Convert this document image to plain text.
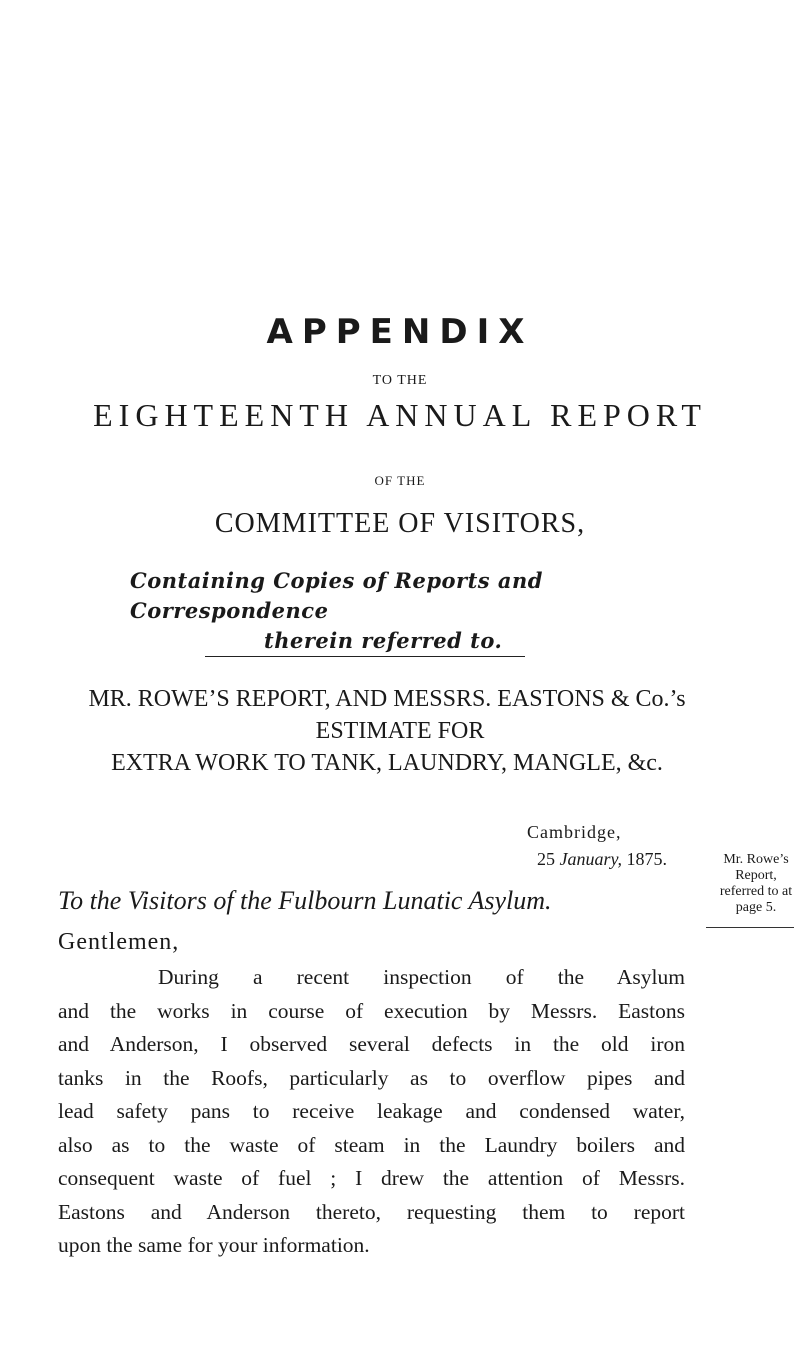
APPENDIX
TO THE
EIGHTEENTH ANNUAL REPORT
OF THE
COMMITTEE OF VISITORS,
Containing Copies of Reports and Correspondence
therein referred to.
MR. ROWE’S REPORT, AND MESSRS. EASTONS & Co.’s
ESTIMATE FOR
EXTRA WORK TO TANK, LAUNDRY, MANGLE, &c.
Cambridge,
25 January, 1875.	Mr. Rowe’s
Report,
referred to at
page 5.
To the Visitors of the Fulbourn Lunatic Asylum.
Gentlemen,
During a recent inspection of the Asylum
and the works in course of execution by Messrs. Eastons
and Anderson, I observed several defects in the old iron
tanks in the Roofs, particularly as to overflow pipes and
lead safety pans to receive leakage and condensed water,
also as to the waste of steam in the Laundry boilers and
consequent waste of fuel ; I drew the attention of Messrs.
Eastons and Anderson thereto, requesting them to report
upon the same for your information.
